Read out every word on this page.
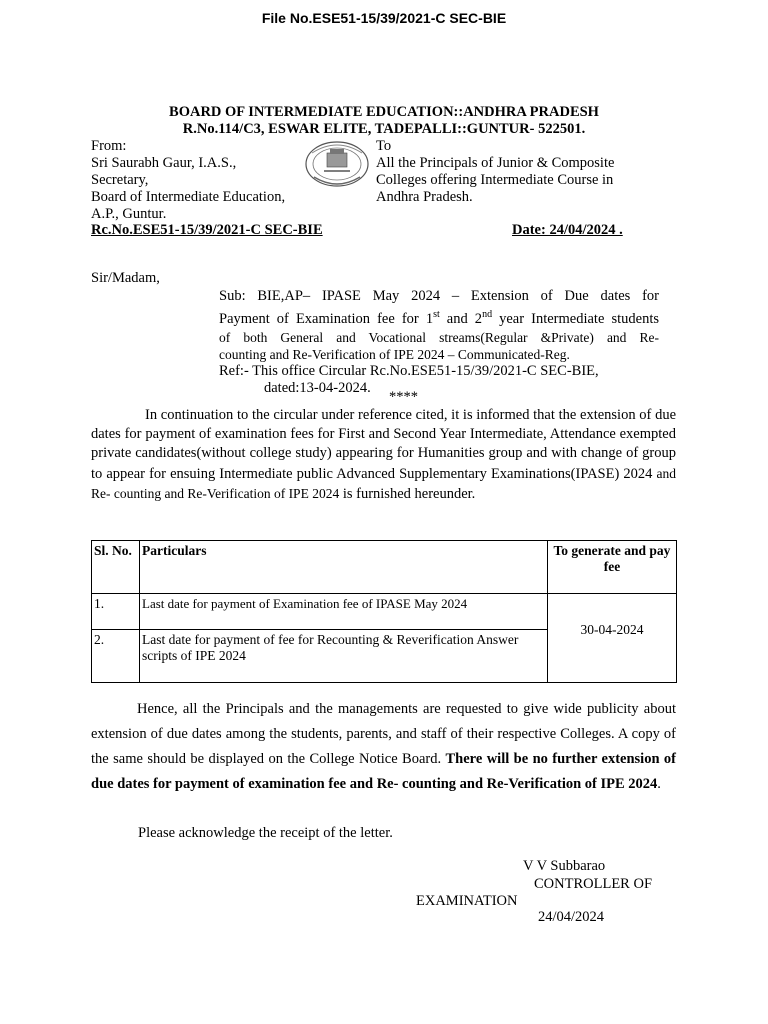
File No.ESE51-15/39/2021-C SEC-BIE
BOARD OF INTERMEDIATE EDUCATION::ANDHRA PRADESH
R.No.114/C3, ESWAR ELITE, TADEPALLI::GUNTUR- 522501.
From:
Sri Saurabh Gaur, I.A.S.,
Secretary,
Board of Intermediate Education,
A.P., Guntur.
To
All the Principals of Junior & Composite
Colleges offering Intermediate Course in
Andhra Pradesh.
Rc.No.ESE51-15/39/2021-C SEC-BIE	Date: 24/04/2024 .
Sir/Madam,
Sub: BIE,AP– IPASE May 2024 – Extension of Due dates for
Payment of Examination fee for 1st and 2nd year Intermediate students
of both General and Vocational streams(Regular &Private) and Re-
counting and Re-Verification of IPE 2024 – Communicated-Reg.
Ref:- This office Circular Rc.No.ESE51-15/39/2021-C SEC-BIE,
dated:13-04-2024.
****
In continuation to the circular under reference cited, it is informed that the extension of due dates for payment of examination fees for First and Second Year Intermediate, Attendance exempted private candidates(without college study) appearing for Humanities group and with change of group to appear for ensuing Intermediate public Advanced Supplementary Examinations(IPASE) 2024 and Re- counting and Re-Verification of IPE 2024 is furnished hereunder.
Sl. No.	Particulars	To generate and pay fee
1.	Last date for payment of Examination fee of IPASE May 2024	30-04-2024
2.	Last date for payment of fee for Recounting & Reverification Answer scripts of IPE 2024	
Hence, all the Principals and the managements are requested to give wide publicity about extension of due dates among the students, parents, and staff of their respective Colleges. A copy of the same should be displayed on the College Notice Board. There will be no further extension of due dates for payment of examination fee and Re- counting and Re-Verification of IPE 2024.
Please acknowledge the receipt of the letter.
V V Subbarao
CONTROLLER OF
EXAMINATION
24/04/2024
